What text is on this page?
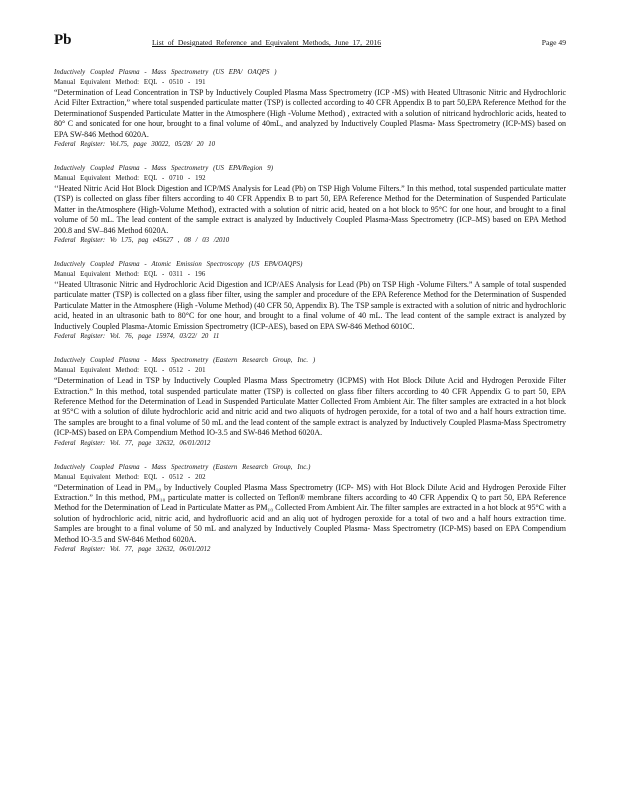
Pb	List of Designated Reference and Equivalent Methods, June 17, 2016	Page 49
Inductively Coupled Plasma - Mass Spectrometry (US EPA/ OAQPS )
Manual Equivalent Method: EQL - 0510 - 191

“Determination of Lead Concentration in TSP by Inductively Coupled Plasma Mass Spectrometry (ICP -MS) with Heated Ultrasonic Nitric and Hydrochloric Acid Filter Extraction,” where total suspended particulate matter (TSP) is collected according to 40 CFR Appendix B to part 50,EPA Reference Method for the Determinationof Suspended Particulate Matter in the Atmosphere (High -Volume Method) , extracted with a solution of nitricand hydrochloric acids, heated to 80° C and sonicated for one hour, brought to a final volume of 40mL, and analyzed by Inductively Coupled Plasma- Mass Spectrometry (ICP-MS) based on EPA SW-846 Method 6020A.

Federal Register: Vol.75, page 30022, 05/28/ 20 10
Inductively Coupled Plasma - Mass Spectrometry (US EPA/Region 9)
Manual Equivalent Method: EQL - 0710 - 192

‘‘Heated Nitric Acid Hot Block Digestion and ICP/MS Analysis for Lead (Pb) on TSP High Volume Filters.” In this method, total suspended particulate matter (TSP) is collected on glass fiber filters according to 40 CFR Appendix B to part 50, EPA Reference Method for the Determination of Suspended Particulate Matter in theAtmosphere (High-Volume Method), extracted with a solution of nitric acid, heated on a hot block to 95°C for one hour, and brought to a final volume of 50 mL. The lead content of the sample extract is analyzed by Inductively Coupled Plasma-Mass Spectrometry (ICP–MS) based on EPA Method 200.8 and SW–846 Method 6020A.

Federal Register: Vo l.75, pag e45627 , 08 / 03 /2010
Inductively Coupled Plasma - Atomic Emission Spectroscopy (US EPA/OAQPS)
Manual Equivalent Method: EQL - 0311 - 196

‘‘Heated Ultrasonic Nitric and Hydrochloric Acid Digestion and ICP/AES Analysis for Lead (Pb) on TSP High -Volume Filters.” A sample of total suspended particulate matter (TSP) is collected on a glass fiber filter, using the sampler and procedure of the EPA Reference Method for the Determination of Suspended Particulate Matter in the Atmosphere (High -Volume Method) (40 CFR 50, Appendix B). The TSP sample is extracted with a solution of nitric and hydrochloric acid, heated in an ultrasonic bath to 80°C for one hour, and brought to a final volume of 40 mL. The lead content of the sample extract is analyzed by Inductively Coupled Plasma-Atomic Emission Spectrometry (ICP-AES), based on EPA SW-846 Method 6010C.

Federal Register: Vol. 76, page 15974, 03/22/ 20 11
Inductively Coupled Plasma - Mass Spectrometry (Eastern Research Group, Inc. )
Manual Equivalent Method: EQL - 0512 - 201

“Determination of Lead in TSP by Inductively Coupled Plasma Mass Spectrometry (ICPMS) with Hot Block Dilute Acid and Hydrogen Peroxide Filter Extraction.” In this method, total suspended particulate matter (TSP) is collected on glass fiber filters according to 40 CFR Appendix G to part 50, EPA Reference Method for the Determination of Lead in Suspended Particulate Matter Collected From Ambient Air. The filter samples are extracted in a hot block at 95°C with a solution of dilute hydrochloric acid and nitric acid and two aliquots of hydrogen peroxide, for a total of two and a half hours extraction time. The samples are brought to a final volume of 50 mL and the lead content of the sample extract is analyzed by Inductively Coupled Plasma-Mass Spectrometry (ICP-MS) based on EPA Compendium Method IO-3.5 and SW-846 Method 6020A.

Federal Register: Vol. 77, page 32632, 06/01/2012
Inductively Coupled Plasma - Mass Spectrometry (Eastern Research Group, Inc.)
Manual Equivalent Method: EQL - 0512 - 202

“Determination of Lead in PM₁₀ by Inductively Coupled Plasma Mass Spectrometry (ICP- MS) with Hot Block Dilute Acid and Hydrogen Peroxide Filter Extraction.” In this method, PM₁₀ particulate matter is collected on Teflon® membrane filters according to 40 CFR Appendix Q to part 50, EPA Reference Method for the Determination of Lead in Particulate Matter as PM₁₀ Collected From Ambient Air. The filter samples are extracted in a hot block at 95°C with a solution of hydrochloric acid, nitric acid, and hydrofluoric acid and an aliq uot of hydrogen peroxide for a total of two and a half hours extraction time. Samples are brought to a final volume of 50 mL and analyzed by Inductively Coupled Plasma- Mass Spectrometry (ICP-MS) based on EPA Compendium Method IO-3.5 and SW-846 Method 6020A.

Federal Register: Vol. 77, page 32632, 06/01/2012
